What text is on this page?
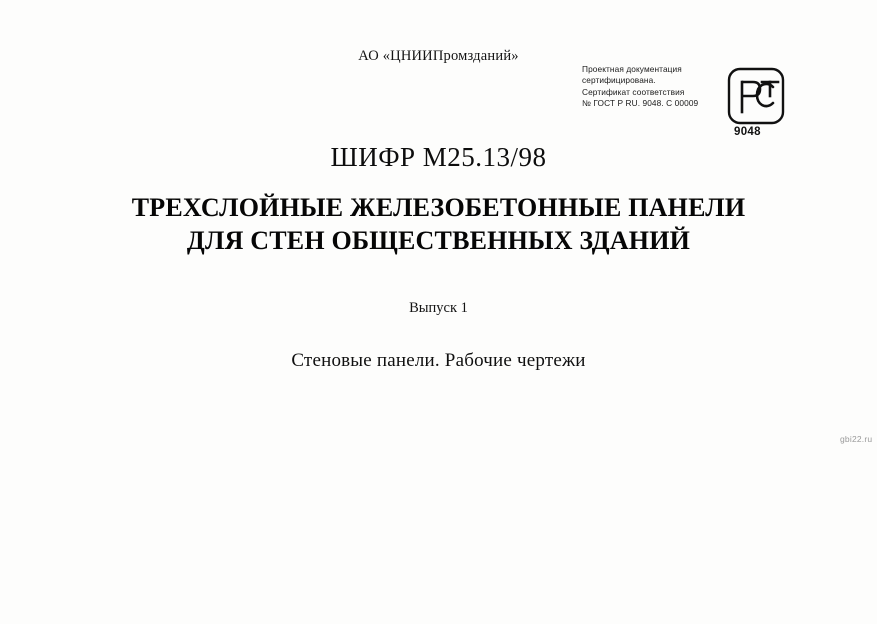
АО «ЦНИИПромзданий»
Проектная документация
сертифицирована.
Сертификат соответствия
№ ГОСТ Р RU. 9048. С 00009
9048
ШИФР М25.13/98
ТРЕХСЛОЙНЫЕ ЖЕЛЕЗОБЕТОННЫЕ ПАНЕЛИ
ДЛЯ СТЕН ОБЩЕСТВЕННЫХ ЗДАНИЙ
Выпуск 1
Стеновые панели. Рабочие чертежи
gbi22.ru
